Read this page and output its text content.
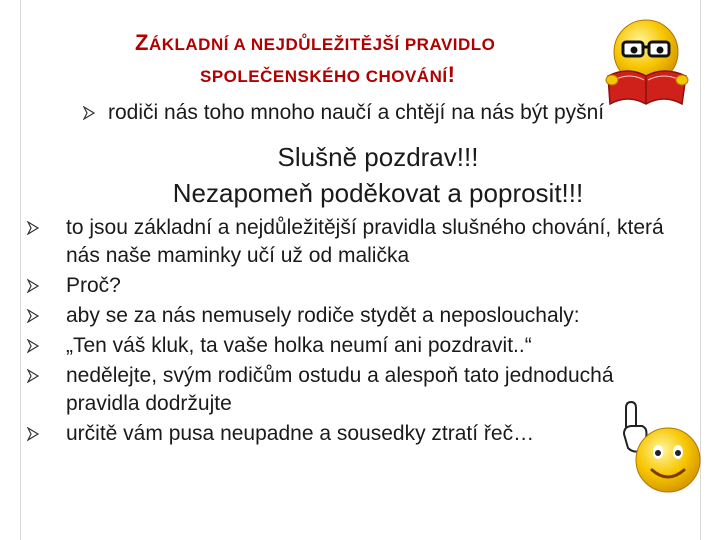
ZÁKLADNÍ A NEJDŮLEŽITĚJŠÍ PRAVIDLO
SPOLEČENSKÉHO CHOVÁNÍ!
rodiči nás toho mnoho naučí a chtějí na nás být pyšní
Slušně pozdrav!!!
Nezapomeň poděkovat a poprosit!!!
to jsou základní a nejdůležitější pravidla slušného chování, která nás naše maminky učí už od malička
Proč?
aby se za nás nemusely rodiče stydět a neposlouchaly:
„Ten váš kluk, ta vaše holka neumí ani pozdravit..“
nedělejte, svým rodičům ostudu a alespoň tato jednoduchá pravidla dodržujte
určitě vám pusa neupadne a sousedky ztratí řeč…
